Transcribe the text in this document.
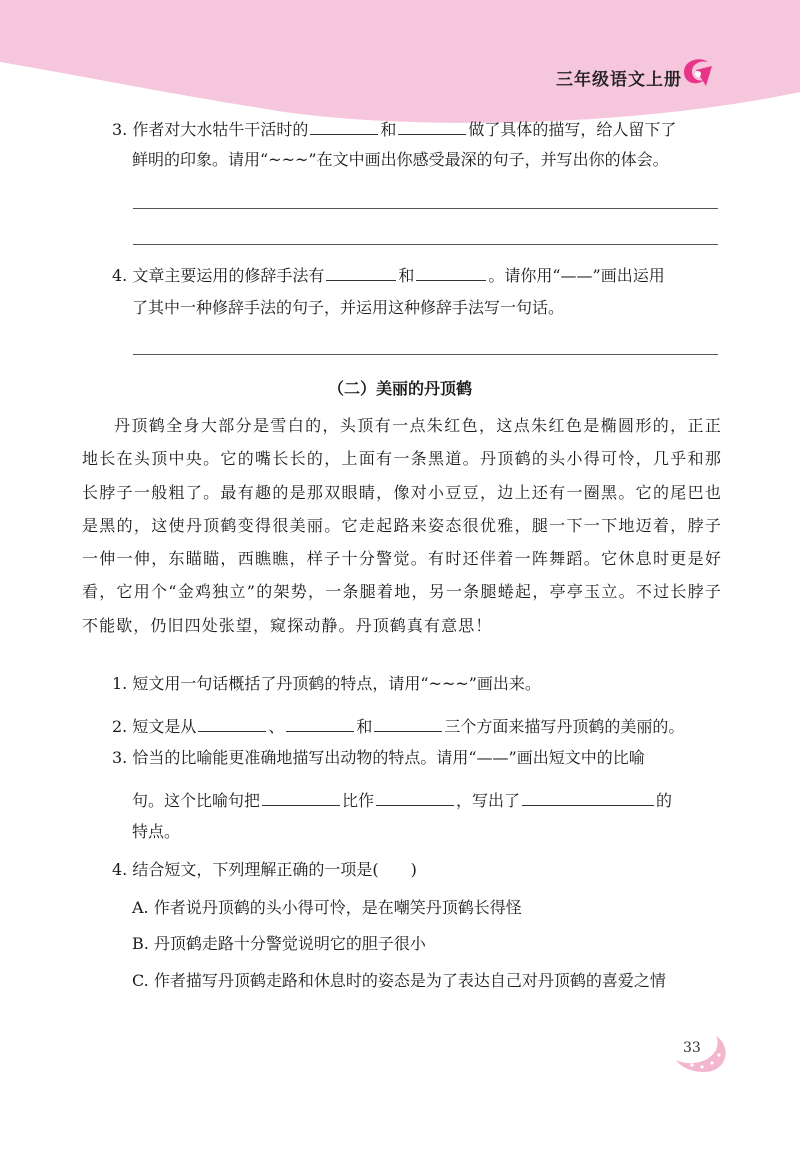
三年级语文上册
3. 作者对大水牯牛干活时的	和	做了具体的描写，给人留下了
鲜明的印象。请用“~~~”在文中画出你感受最深的句子，并写出你的体会。
4. 文章主要运用的修辞手法有	和	。请你用“——”画出运用
了其中一种修辞手法的句子，并运用这种修辞手法写一句话。
（二）美丽的丹顶鹤
丹顶鹤全身大部分是雪白的，头顶有一点朱红色，这点朱红色是椭圆形的，正正地长在头顶中央。它的嘴长长的，上面有一条黑道。丹顶鹤的头小得可怜，几乎和那长脖子一般粗了。最有趣的是那双眼睛，像对小豆豆，边上还有一圈黑。它的尾巴也是黑的，这使丹顶鹤变得很美丽。它走起路来姿态很优雅，腿一下一下地迈着，脖子一伸一伸，东瞄瞄，西瞧瞧，样子十分警觉。有时还伴着一阵舞蹈。它休息时更是好看，它用个“金鸡独立”的架势，一条腿着地，另一条腿蜷起，亭亭玉立。不过长脖子不能歇，仍旧四处张望，窥探动静。丹顶鹤真有意思！
1. 短文用一句话概括了丹顶鹤的特点，请用“~~~”画出来。
2. 短文是从	、	和	三个方面来描写丹顶鹤的美丽的。
3. 恰当的比喻能更准确地描写出动物的特点。请用“——”画出短文中的比喻
句。这个比喻句把	比作	，写出了	的
特点。
4. 结合短文，下列理解正确的一项是(　　)
A. 作者说丹顶鹤的头小得可怜，是在嘲笑丹顶鹤长得怪
B. 丹顶鹤走路十分警觉说明它的胆子很小
C. 作者描写丹顶鹤走路和休息时的姿态是为了表达自己对丹顶鹤的喜爱之情
33
